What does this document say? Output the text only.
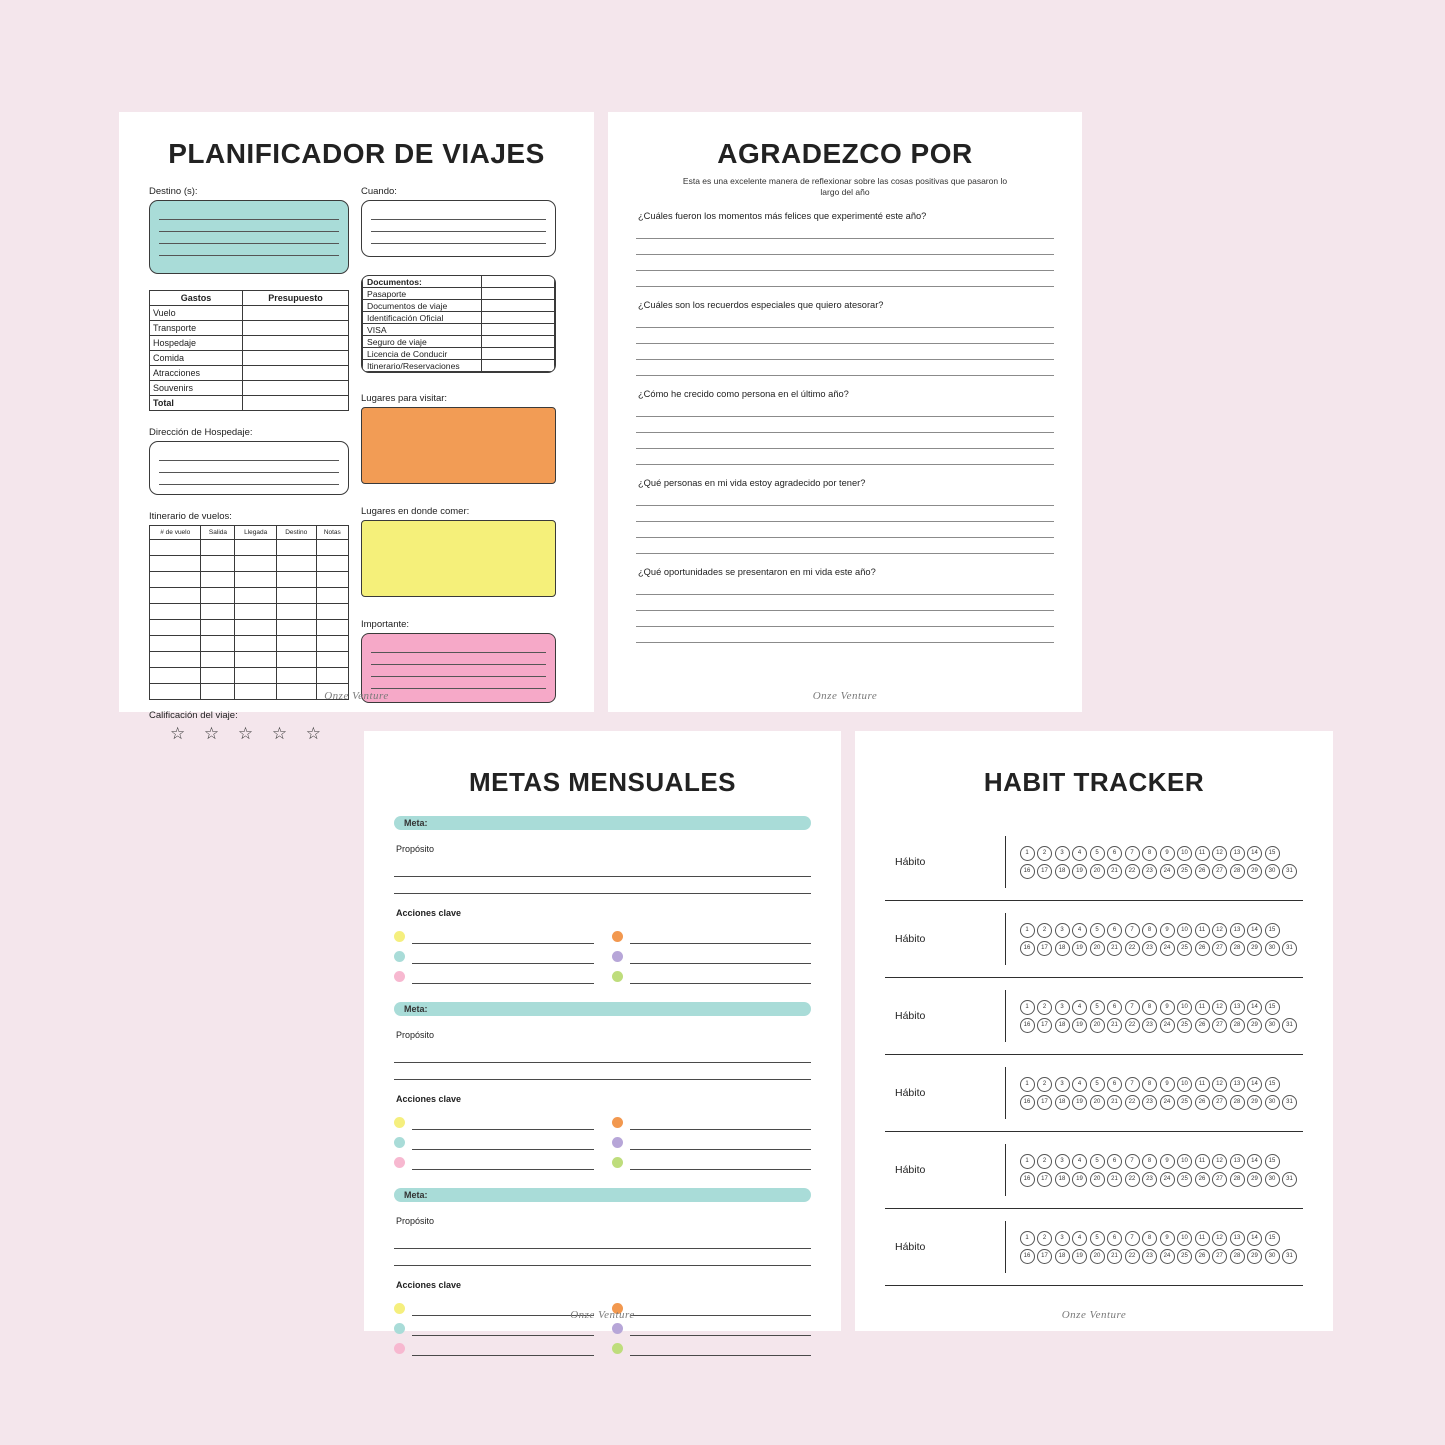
PLANIFICADOR DE VIAJES
Destino (s):
Gastos	Presupuesto
Vuelo	
Transporte	
Hospedaje	
Comida	
Atracciones	
Souvenirs	
Total	
Dirección de Hospedaje:
Itinerario de vuelos:
# de vuelo	Salida	Llegada	Destino	Notas

Calificación del viaje:
☆ ☆ ☆ ☆ ☆
Cuando:
Documentos:	
Pasaporte	
Documentos de viaje	
Identificación Oficial	
VISA	
Seguro de viaje	
Licencia de Conducir	
Itinerario/Reservaciones	
Lugares para visitar:
Lugares en donde comer:
Importante:
Onze Venture
AGRADEZCO POR
Esta es una excelente manera de reflexionar sobre las cosas positivas que pasaron lo largo del año
¿Cuáles fueron los momentos más felices que experimenté este año?
¿Cuáles son los recuerdos especiales que quiero atesorar?
¿Cómo he crecido como persona en el último año?
¿Qué personas en mi vida estoy agradecido por tener?
¿Qué oportunidades se presentaron en mi vida este año?
Onze Venture
METAS MENSUALES
Meta:
Propósito
Acciones clave
Meta:
Propósito
Acciones clave
Meta:
Propósito
Acciones clave
Onze Venture
HABIT TRACKER
Hábito
1	2	3	4	5	6	7	8	9	10	11	12	13	14	15
16	17	18	19	20	21	22	23	24	25	26	27	28	29	30	31
Hábito
1	2	3	4	5	6	7	8	9	10	11	12	13	14	15
16	17	18	19	20	21	22	23	24	25	26	27	28	29	30	31
Hábito
1	2	3	4	5	6	7	8	9	10	11	12	13	14	15
16	17	18	19	20	21	22	23	24	25	26	27	28	29	30	31
Hábito
1	2	3	4	5	6	7	8	9	10	11	12	13	14	15
16	17	18	19	20	21	22	23	24	25	26	27	28	29	30	31
Hábito
1	2	3	4	5	6	7	8	9	10	11	12	13	14	15
16	17	18	19	20	21	22	23	24	25	26	27	28	29	30	31
Hábito
1	2	3	4	5	6	7	8	9	10	11	12	13	14	15
16	17	18	19	20	21	22	23	24	25	26	27	28	29	30	31
Onze Venture
